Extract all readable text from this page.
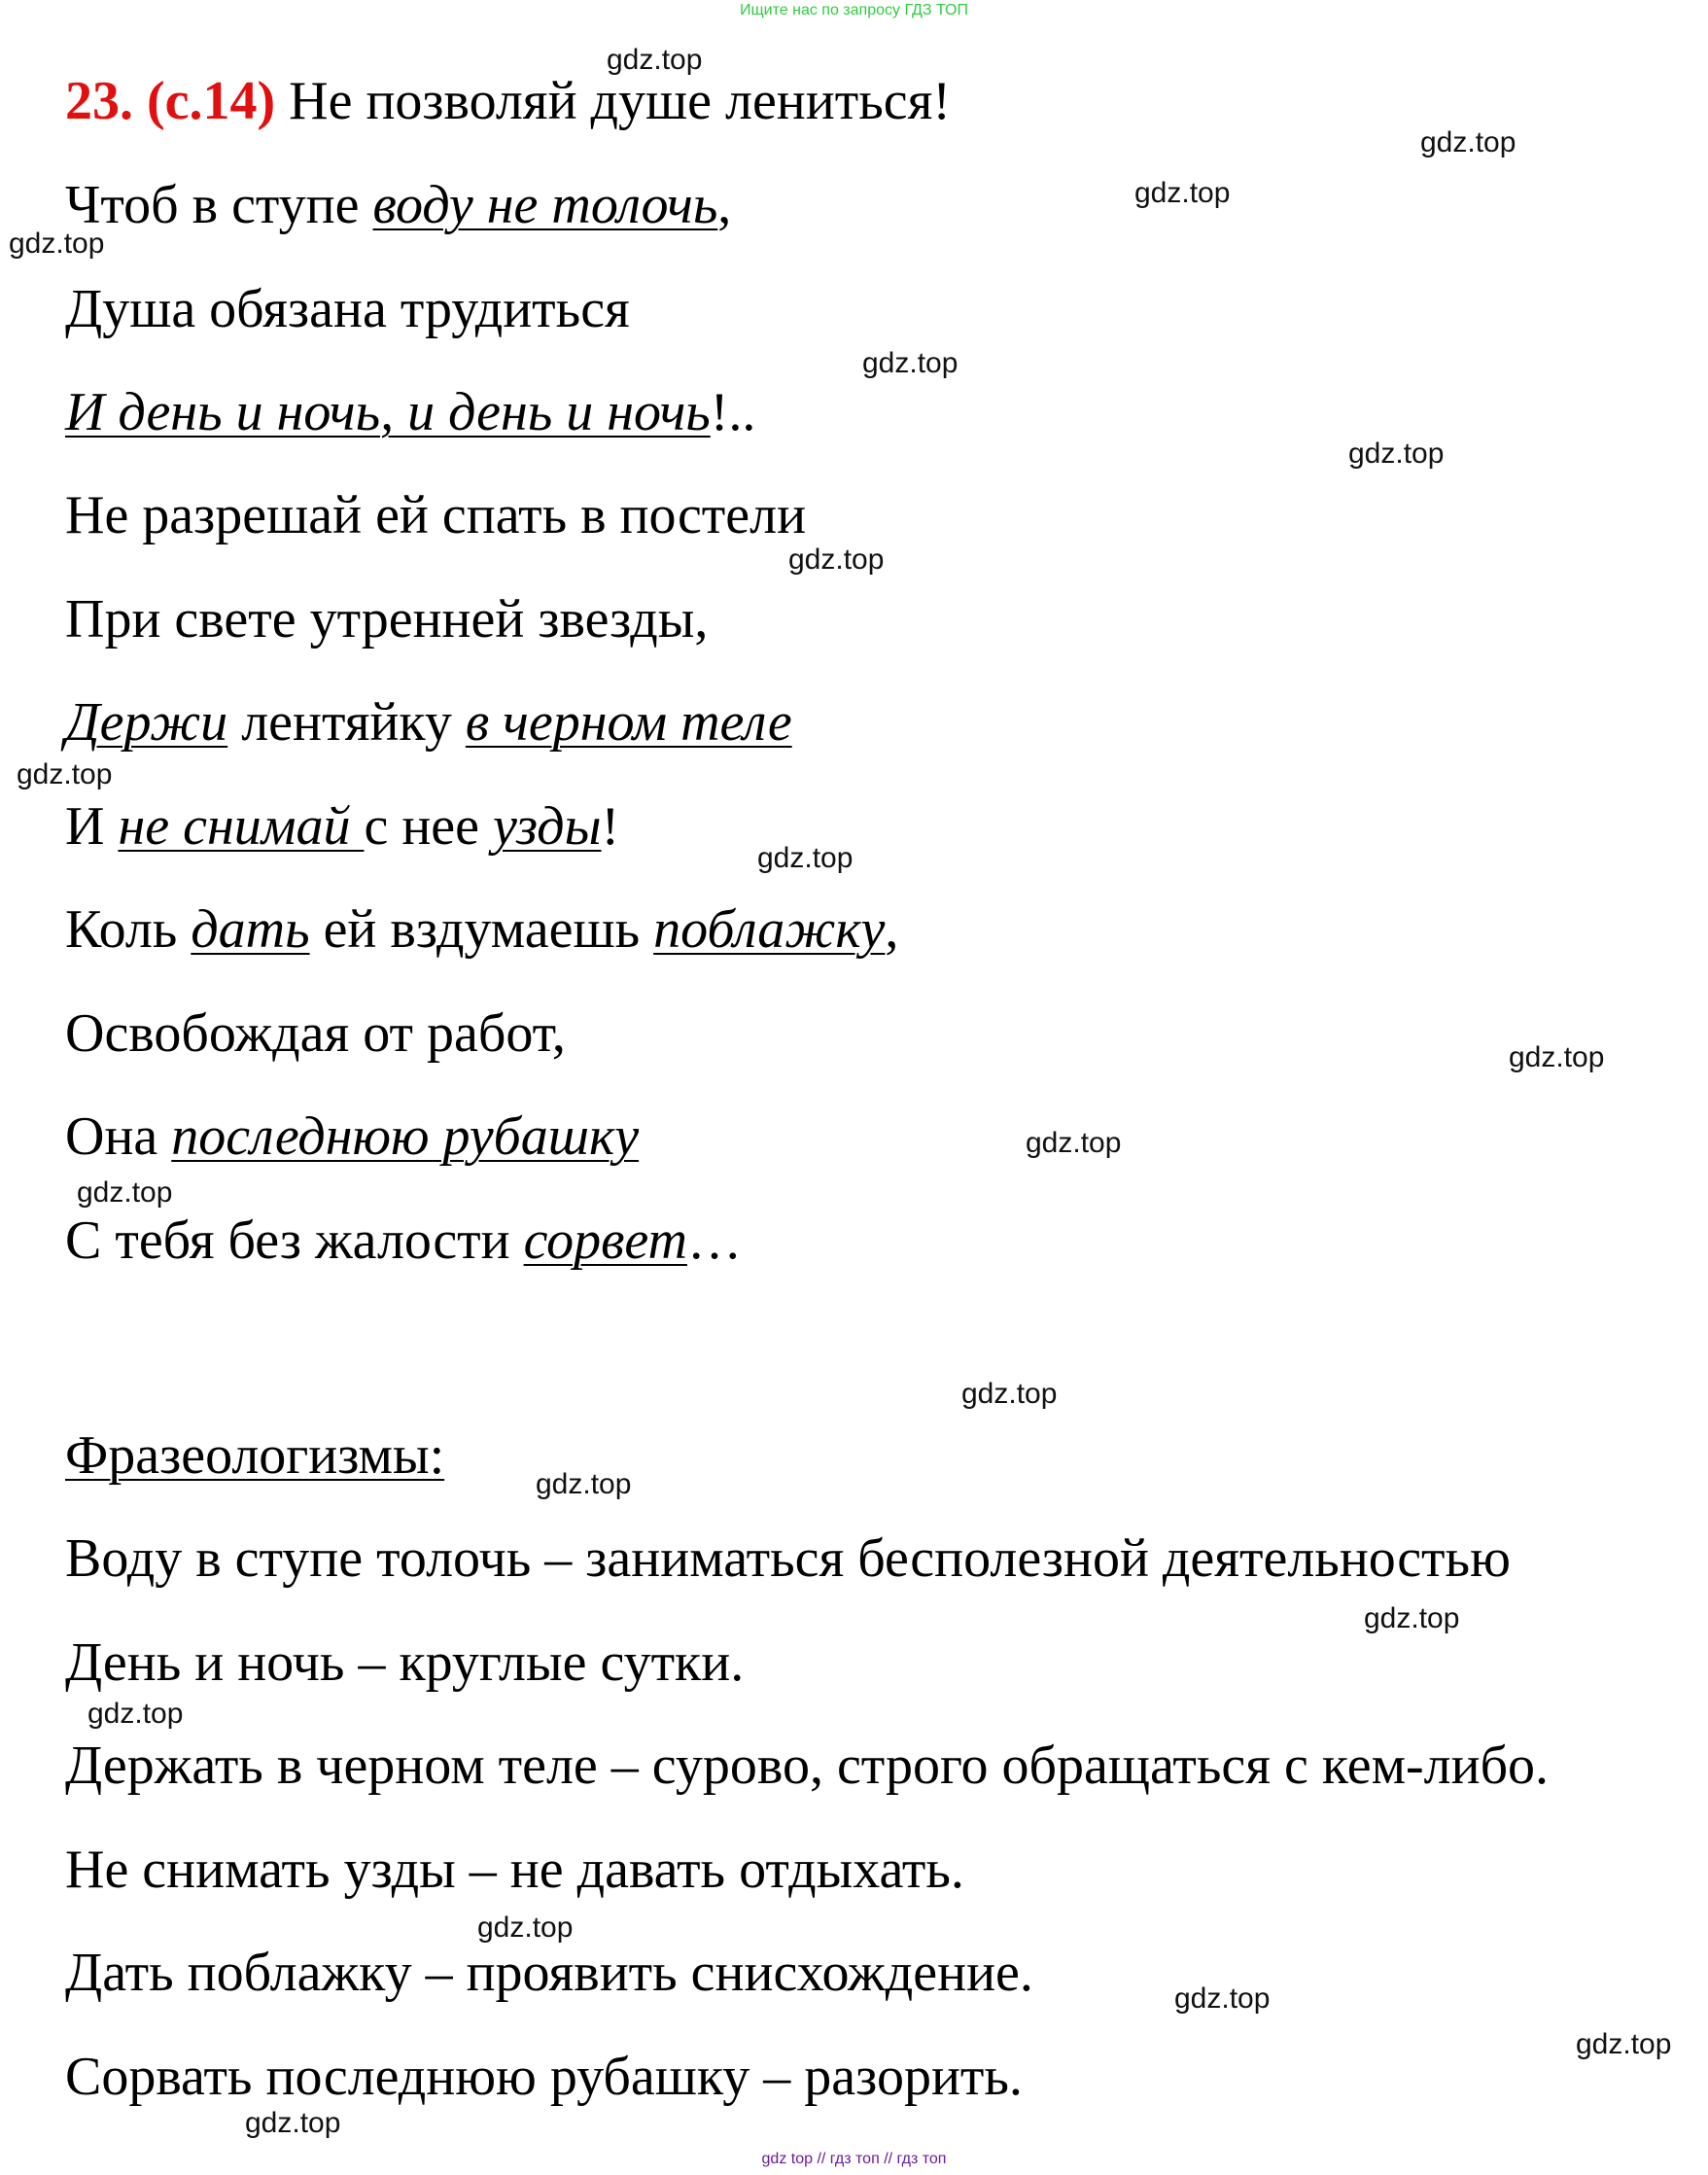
Ищите нас по запросу ГДЗ ТОП
23. (с.14) Не позволяй душе лениться!
Чтоб в ступе воду не толочь,
Душа обязана трудиться
И день и ночь, и день и ночь!..
Не разрешай ей спать в постели
При свете утренней звезды,
Держи лентяйку в черном теле
И не снимай с нее узды!
Коль дать ей вздумаешь поблажку,
Освобождая от работ,
Она последнюю рубашку
С тебя без жалости сорвет…
Фразеологизмы:
Воду в ступе толочь – заниматься бесполезной деятельностью
День и ночь – круглые сутки.
Держать в черном теле – сурово, строго обращаться с кем-либо.
Не снимать узды – не давать отдыхать.
Дать поблажку – проявить снисхождение.
Сорвать последнюю рубашку – разорить.
gdz.top
gdz.top
gdz.top
gdz.top
gdz.top
gdz.top
gdz.top
gdz.top
gdz.top
gdz.top
gdz.top
gdz.top
gdz.top
gdz.top
gdz.top
gdz.top
gdz.top
gdz.top
gdz.top
gdz.top
gdz top // гдз топ // гдз топ
